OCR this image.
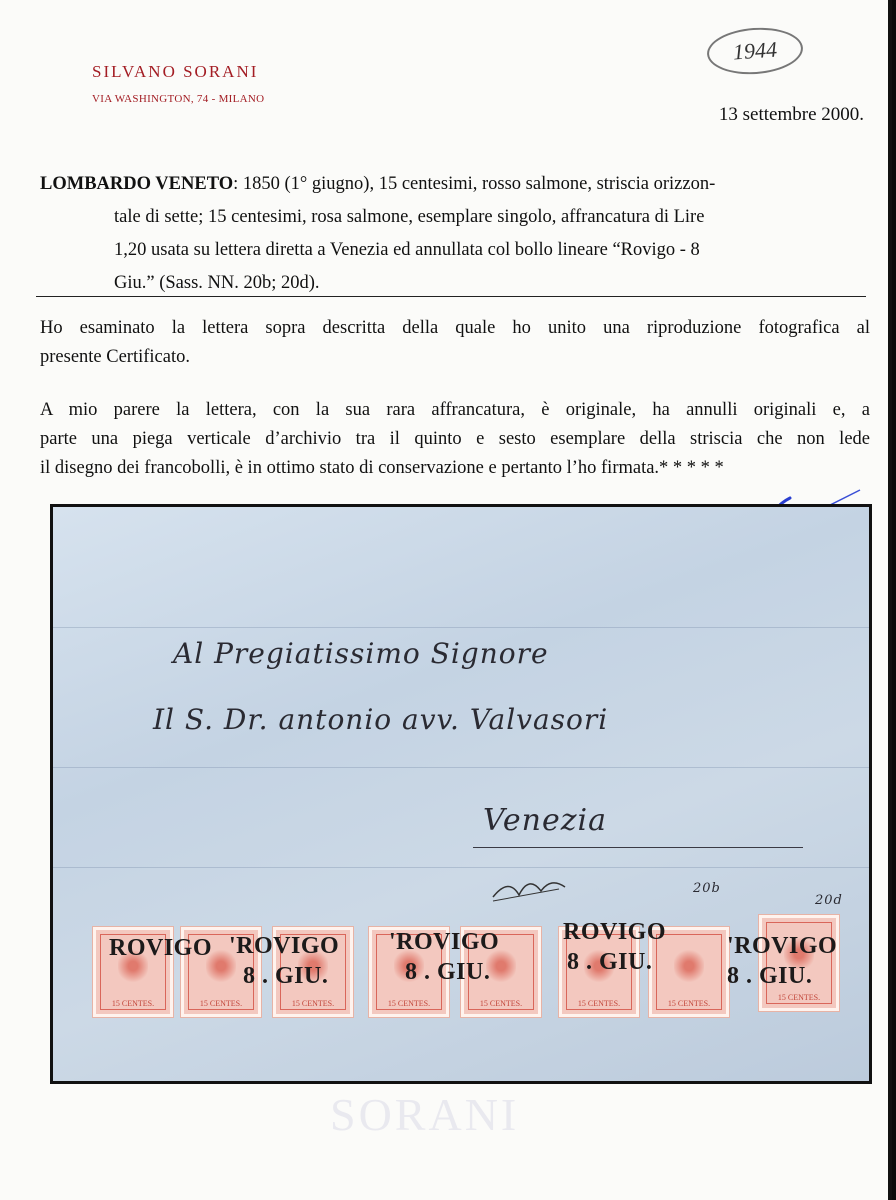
SILVANO SORANI
VIA WASHINGTON, 74 - MILANO
1944
13 settembre 2000.
LOMBARDO VENETO: 1850 (1° giugno), 15 centesimi, rosso salmone, striscia orizzon-
tale di sette; 15 centesimi, rosa salmone, esemplare singolo, affrancatura di Lire
1,20 usata su lettera diretta a Venezia ed annullata col bollo lineare “Rovigo - 8
Giu.” (Sass. NN. 20b; 20d).
Ho esaminato la lettera sopra descritta della quale ho unito una riproduzione fotografica al
presente Certificato.
A mio parere la lettera, con la sua rara affrancatura, è originale, ha annulli originali e, a
parte una piega verticale d’archivio tra il quinto e sesto esemplare della striscia che non lede
il disegno dei francobolli, è in ottimo stato di conservazione e pertanto l’ho firmata.* * * * *
Al Pregiatissimo Signore
Il S. Dr. antonio avv. Valvasori
Venezia
20b
20d
15 CENTES.	15 CENTES.	15 CENTES.	15 CENTES.	15 CENTES.	15 CENTES.	15 CENTES.
15 CENTES.
ROVIGO 'ROVIGO
8 . GIU.
'ROVIGO
8 . GIU.
ROVIGO
8 . GIU.
'ROVIGO
8 . GIU.
SORANI
